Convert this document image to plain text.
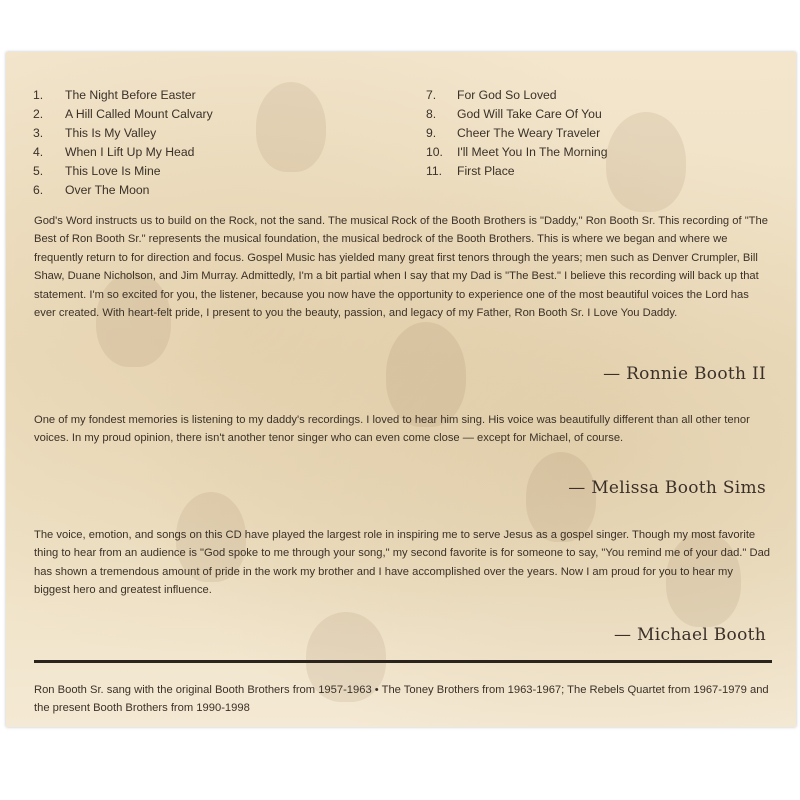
1.	The Night Before Easter
2.	A Hill Called Mount Calvary
3.	This Is My Valley
4.	When I Lift Up My Head
5.	This Love Is Mine
6.	Over The Moon
7.	For God So Loved
8.	God Will Take Care Of You
9.	Cheer The Weary Traveler
10.	I'll Meet You In The Morning
11.	First Place

God's Word instructs us to build on the Rock, not the sand. The musical Rock of the Booth Brothers is "Daddy," Ron Booth Sr. This recording of "The Best of Ron Booth Sr." represents the musical foundation, the musical bedrock of the Booth Brothers. This is where we began and where we frequently return to for direction and focus. Gospel Music has yielded many great first tenors through the years; men such as Denver Crumpler, Bill Shaw, Duane Nicholson, and Jim Murray. Admittedly, I'm a bit partial when I say that my Dad is "The Best." I believe this recording will back up that statement. I'm so excited for you, the listener, because you now have the opportunity to experience one of the most beautiful voices the Lord has ever created. With heart-felt pride, I present to you the beauty, passion, and legacy of my Father, Ron Booth Sr. I Love You Daddy.

— Ronnie Booth II

One of my fondest memories is listening to my daddy's recordings. I loved to hear him sing. His voice was beautifully different than all other tenor voices. In my proud opinion, there isn't another tenor singer who can even come close — except for Michael, of course.

— Melissa Booth Sims

The voice, emotion, and songs on this CD have played the largest role in inspiring me to serve Jesus as a gospel singer. Though my most favorite thing to hear from an audience is "God spoke to me through your song," my second favorite is for someone to say, "You remind me of your dad." Dad has shown a tremendous amount of pride in the work my brother and I have accomplished over the years. Now I am proud for you to hear my biggest hero and greatest influence.

— Michael Booth

Ron Booth Sr. sang with the original Booth Brothers from 1957-1963 • The Toney Brothers from 1963-1967; The Rebels Quartet from 1967-1979 and the present Booth Brothers from 1990-1998
